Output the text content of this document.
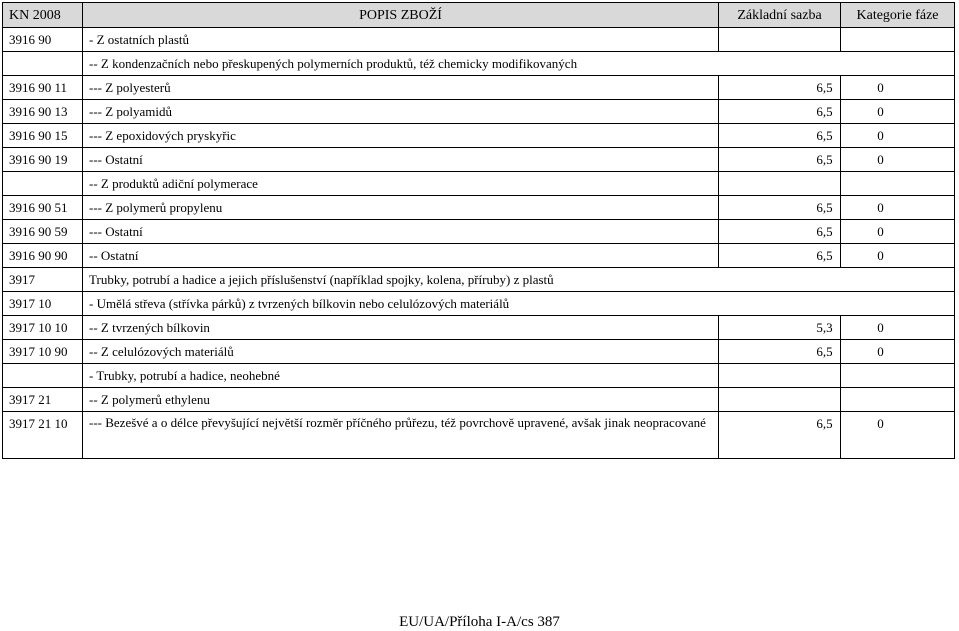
KN 2008	POPIS ZBOŽÍ	Základní sazba	Kategorie fáze
3916 90	- Z ostatních plastů		

	-- Z kondenzačních nebo přeskupených polymerních produktů, též chemicky modifikovaných		

3916 90 11	--- Z polyesterů	6,5	0
3916 90 13	--- Z polyamidů	6,5	0
3916 90 15	--- Z epoxidových pryskyřic	6,5	0
3916 90 19	--- Ostatní	6,5	0

	-- Z produktů adiční polymerace		

3916 90 51	--- Z polymerů propylenu	6,5	0
3916 90 59	--- Ostatní	6,5	0
3916 90 90	-- Ostatní	6,5	0
3917	Trubky, potrubí a hadice a jejich příslušenství (například spojky, kolena, příruby) z plastů		

3917 10	- Umělá střeva (střívka párků) z tvrzených bílkovin nebo celulózových materiálů		

3917 10 10	-- Z tvrzených bílkovin	5,3	0
3917 10 90	-- Z celulózových materiálů	6,5	0

	- Trubky, potrubí a hadice, neohebné		

3917 21	-- Z polymerů ethylenu		

3917 21 10	--- Bezešvé a o délce převyšující největší rozměr příčného průřezu, též povrchově upravené, avšak jinak neopracované	6,5	0
EU/UA/Příloha I-A/cs 387
